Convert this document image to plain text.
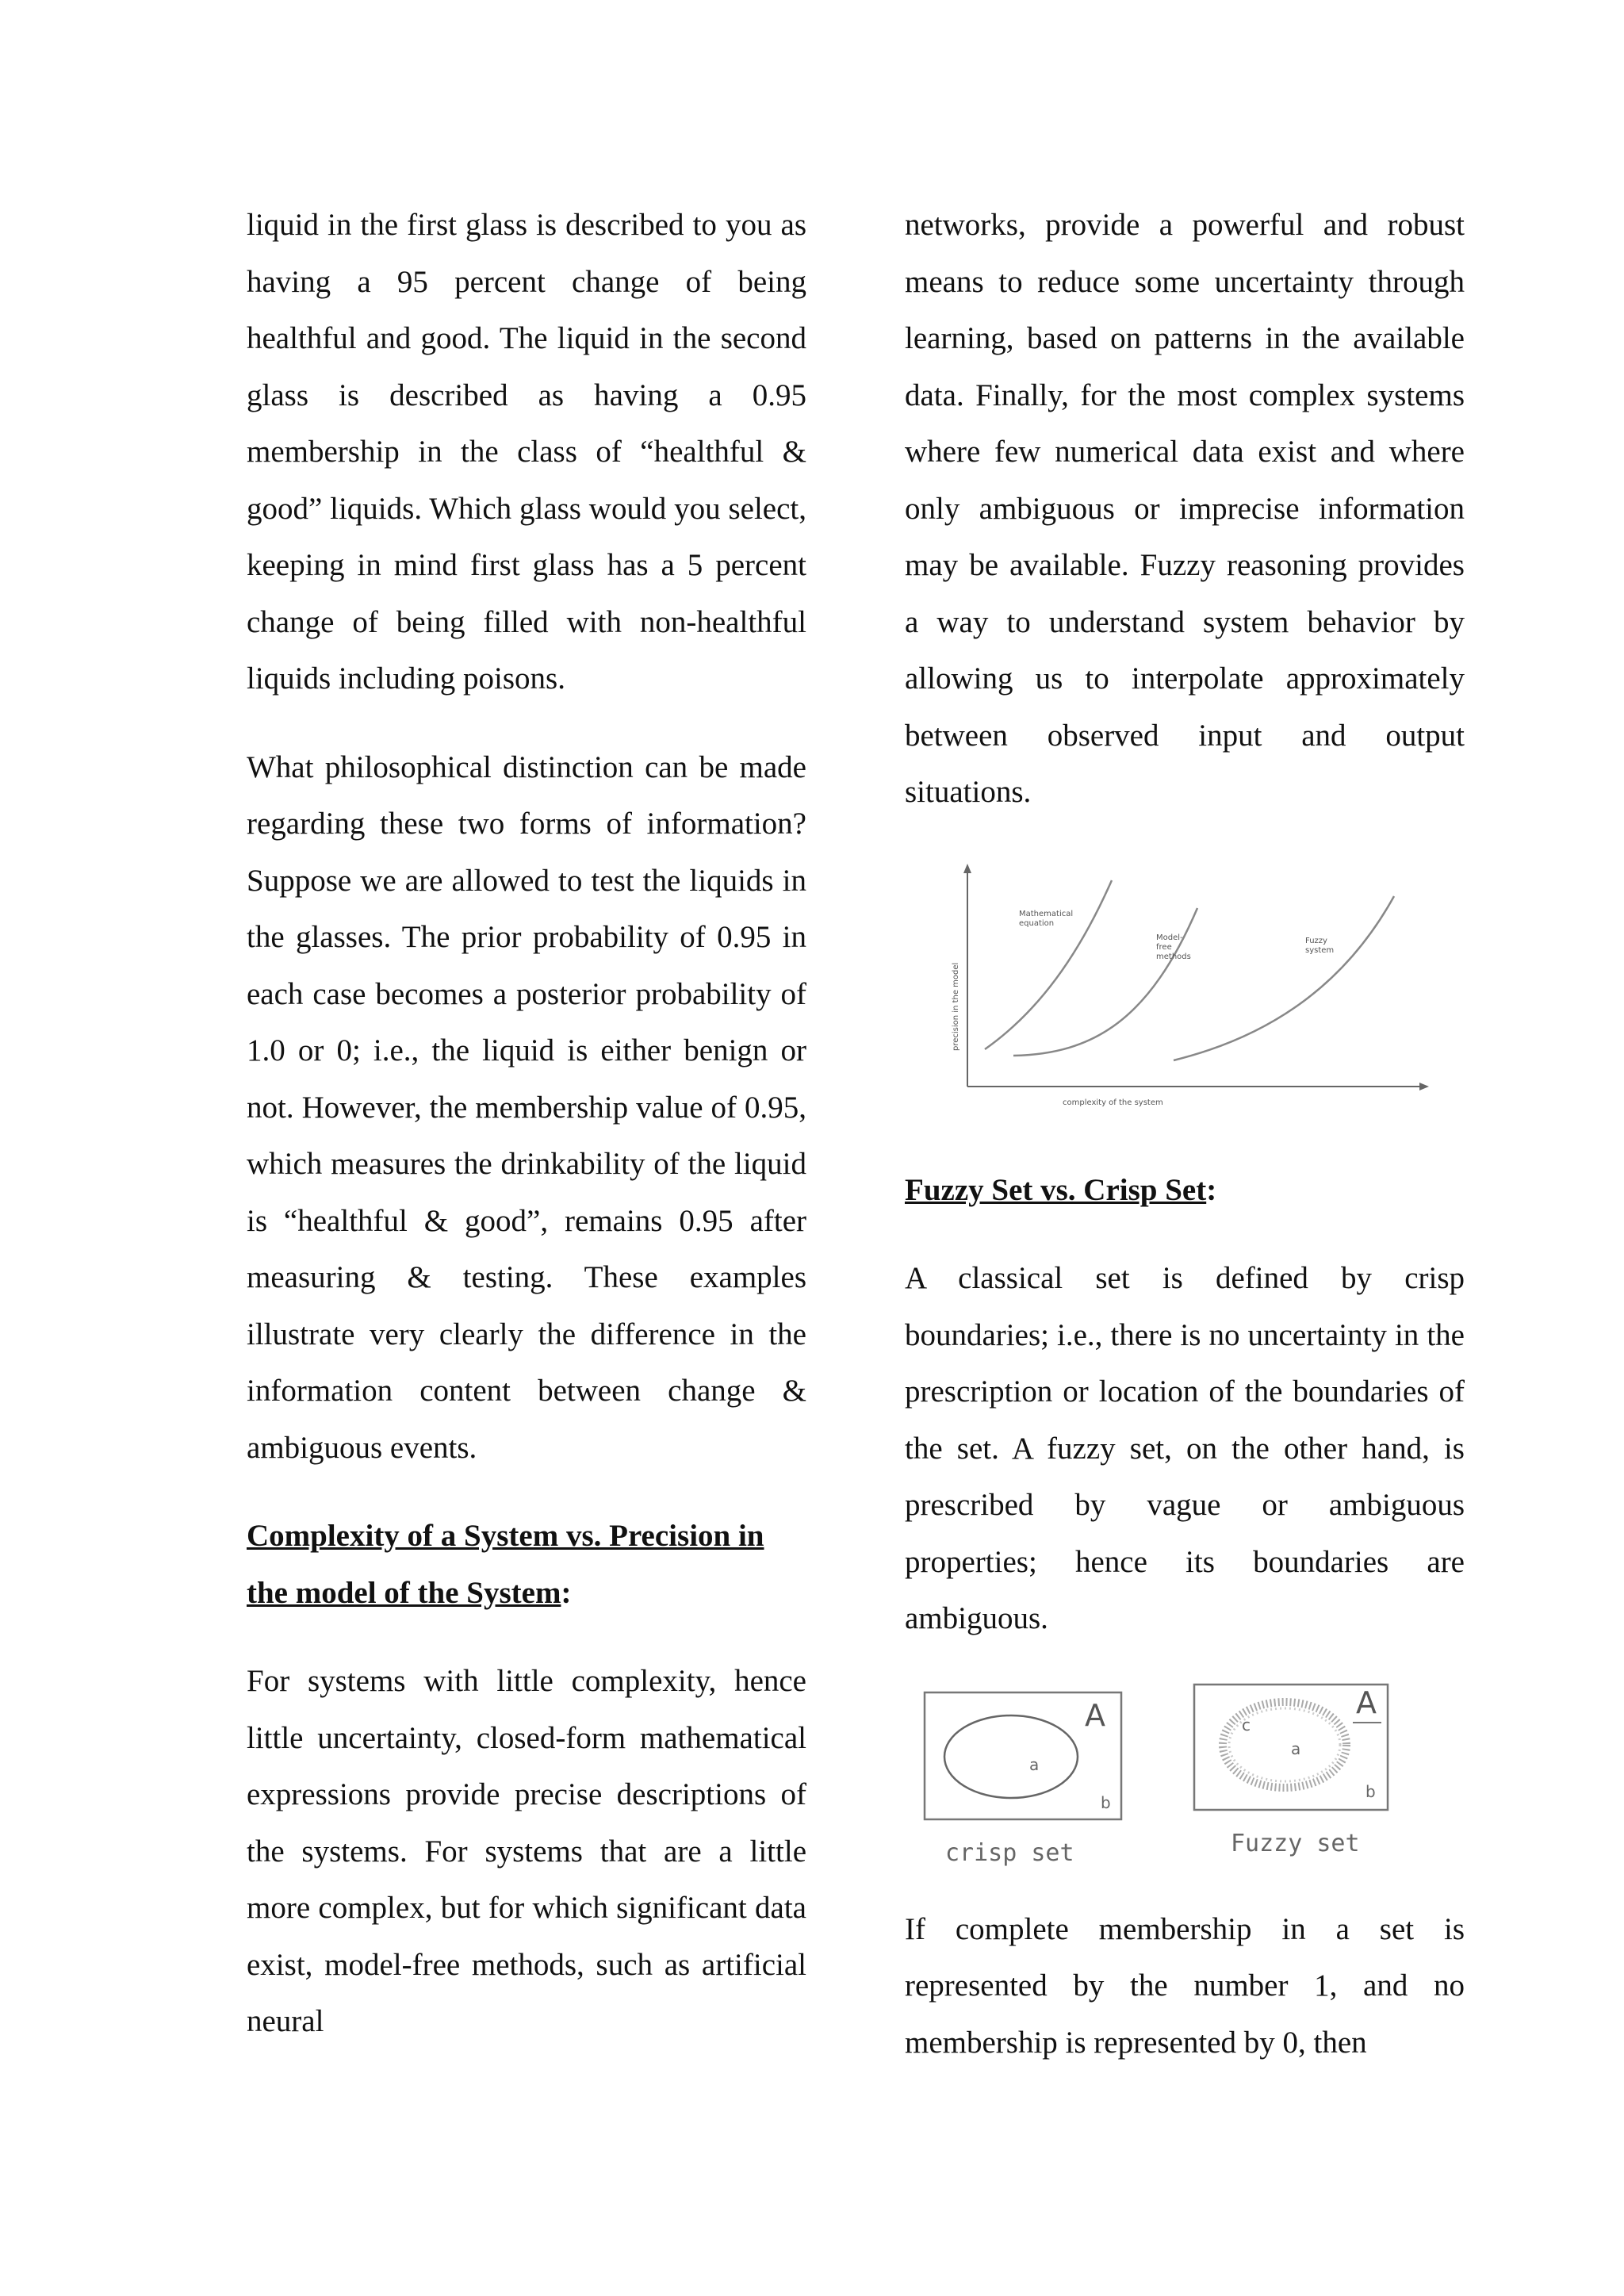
liquid in the first glass is described to you as having a 95 percent change of being healthful and good. The liquid in the second glass is described as having a 0.95 membership in the class of “healthful & good” liquids. Which glass would you select, keeping in mind first glass has a 5 percent change of being filled with non-healthful liquids including poisons.

What philosophical distinction can be made regarding these two forms of information? Suppose we are allowed to test the liquids in the glasses. The prior probability of 0.95 in each case becomes a posterior probability of 1.0 or 0; i.e., the liquid is either benign or not. However, the membership value of 0.95, which measures the drinkability of the liquid is “healthful & good”, remains 0.95 after measuring & testing. These examples illustrate very clearly the difference in the information content between change & ambiguous events.

Complexity of a System vs. Precision in the model of the System:

For systems with little complexity, hence little uncertainty, closed-form mathematical expressions provide precise descriptions of the systems. For systems that are a little more complex, but for which significant data exist, model-free methods, such as artificial neural

networks, provide a powerful and robust means to reduce some uncertainty through learning, based on patterns in the available data. Finally, for the most complex systems where few numerical data exist and where only ambiguous or imprecise information may be available. Fuzzy reasoning provides a way to understand system behavior by allowing us to interpolate approximately between observed input and output situations.

Fuzzy Set vs. Crisp Set:

A classical set is defined by crisp boundaries; i.e., there is no uncertainty in the prescription or location of the boundaries of the set. A fuzzy set, on the other hand, is prescribed by vague or ambiguous properties; hence its boundaries are ambiguous.

If complete membership in a set is represented by the number 1, and no membership is represented by 0, then

precision in the model
complexity of the system
Mathematical
equation
Model-
free
methods
Fuzzy
system
A
a
b
crisp set
A
c
a
b
Fuzzy set
